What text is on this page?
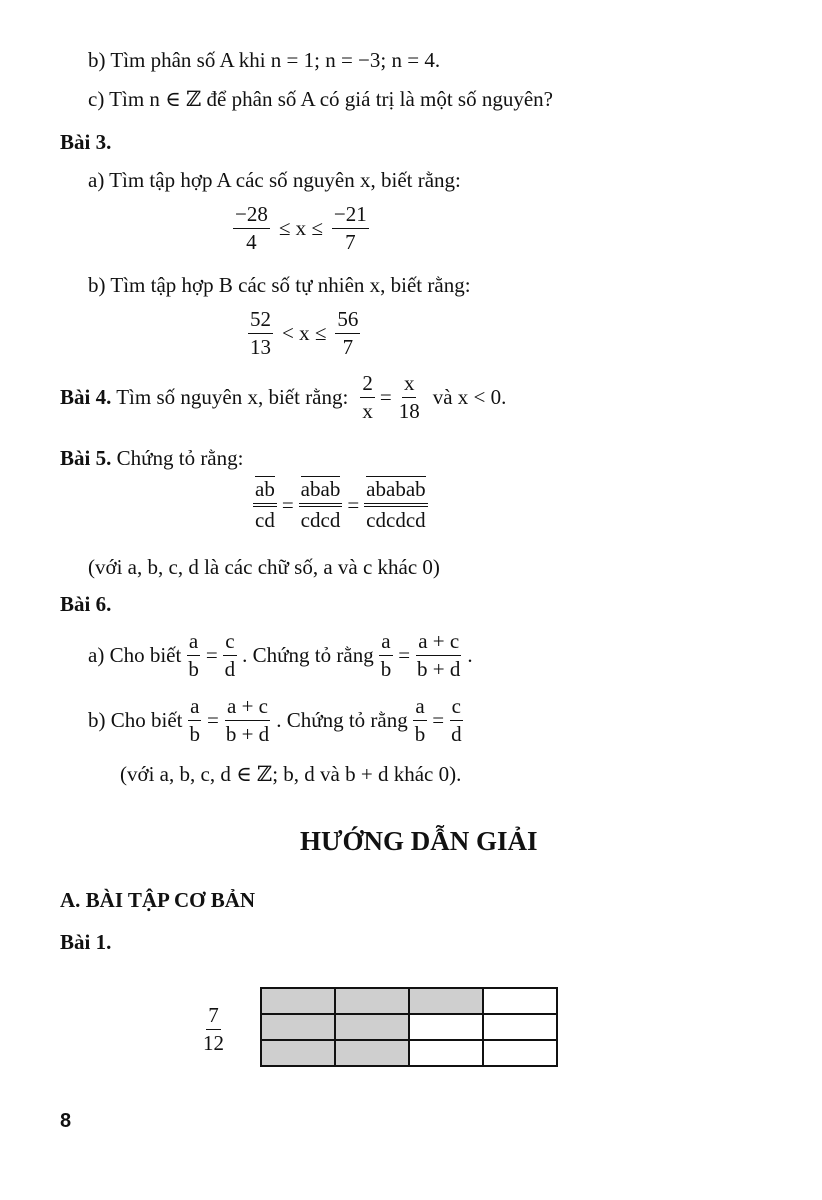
b) Tìm phân số A khi n = 1; n = −3; n = 4.
c) Tìm n ∈ ℤ để phân số A có giá trị là một số nguyên?
Bài 3.
a) Tìm tập hợp A các số nguyên x, biết rằng:
$\frac{-28}{4} \le x \le \frac{-21}{7}$
b) Tìm tập hợp B các số tự nhiên x, biết rằng:
$\frac{52}{13} < x \le \frac{56}{7}$
Bài 4. Tìm số nguyên x, biết rằng: $\frac{2}{x} = \frac{x}{18}$ và x < 0.
Bài 5. Chứng tỏ rằng:
$\frac{ab}{cd}$ =
abab
cdcd
=
ababab
cdcdcd
(với a, b, c, d là các chữ số, a và c khác 0)
Bài 6.
a) Cho biết $\frac{a}{b} = \frac{c}{d}$ . Chứng tỏ rằng $\frac{a}{b} = \frac{a + c}{b + d}$ .
b) Cho biết $\frac{a}{b} = \frac{a + c}{b + d}$ . Chứng tỏ rằng $\frac{a}{b} = \frac{c}{d}$
(với a, b, c, d ∈ ℤ; b, d và b + d khác 0).
HƯỚNG DẪN GIẢI
A. BÀI TẬP CƠ BẢN
Bài 1.
$\frac{7}{12}$

8
